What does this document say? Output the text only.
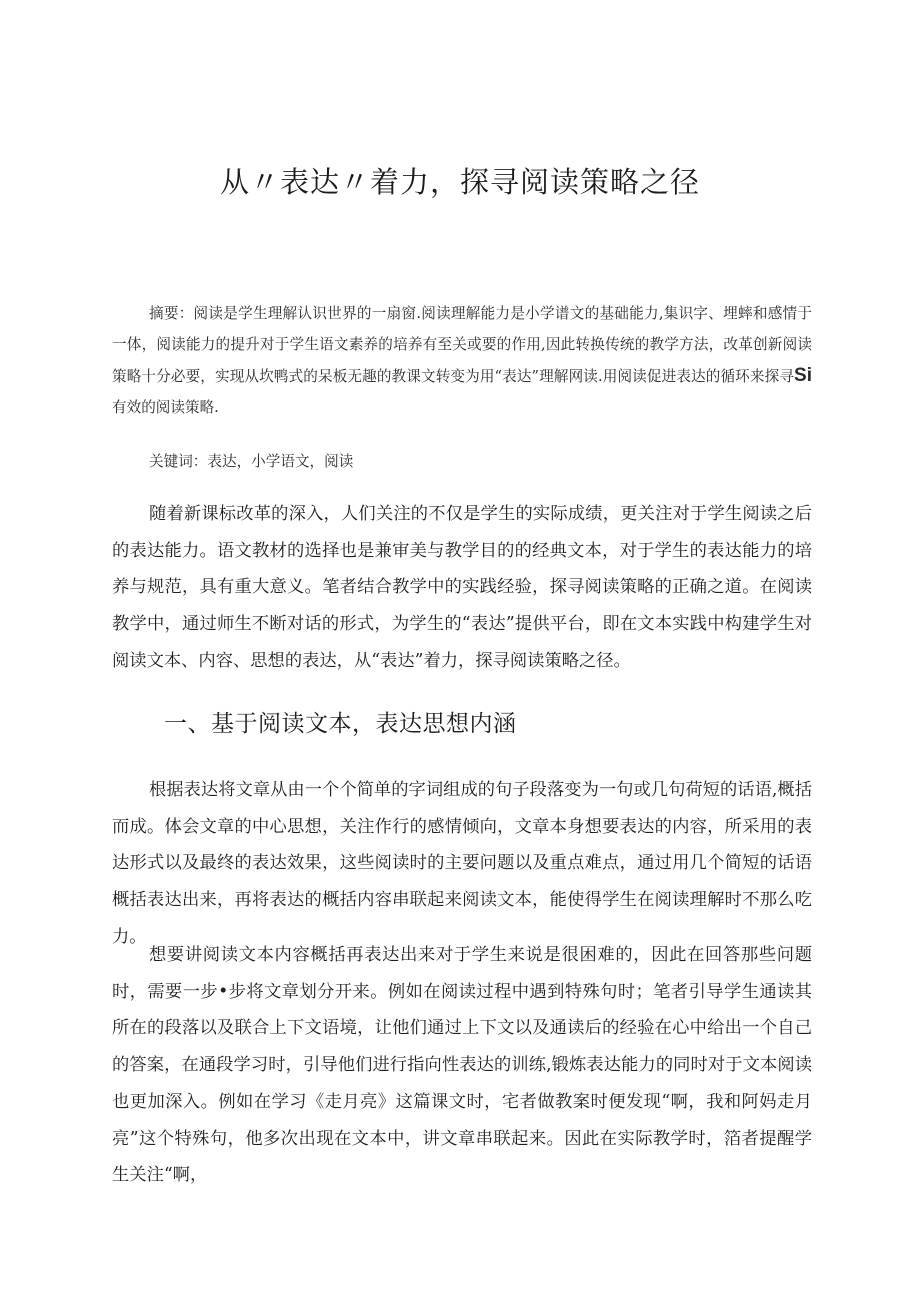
从〃表达〃着力，探寻阅读策略之径
摘要：阅读是学生理解认识世界的一扇窗.阅读理解能力是小学谱文的基础能力,集识字、埋蟀和感情于一体，阅读能力的提升对于学生语文素养的培养有至关或要的作用,因此转换传统的教学方法，改革创新阅读策略十分必要，实现从坎鸭式的呆板无趣的教课文转变为用“表达”理解网读.用阅读促进表达的循环来探寻Si有效的阅读策略.
关键词：表达，小学语文，阅读
随着新课标改革的深入，人们关注的不仅是学生的实际成绩，更关注对于学生阅读之后的表达能力。语文教材的选择也是兼审美与教学目的的经典文本，对于学生的表达能力的培养与规范，具有重大意义。笔者结合教学中的实践经验，探寻阅读策略的正确之道。在阅读教学中，通过师生不断对话的形式，为学生的“表达”提供平台，即在文本实践中构建学生对阅读文本、内容、思想的表达，从“表达”着力，探寻阅读策略之径。
一、基于阅读文本，表达思想内涵
根据表达将文章从由一个个简单的字词组成的句子段落变为一句或几句荷短的话语,概括而成。体会文章的中心思想，关注作行的感情倾向，文章本身想要表达的内容，所采用的表达形式以及最终的表达效果，这些阅读时的主要问题以及重点难点，通过用几个简短的话语概括表达出来，再将表达的概括内容串联起来阅读文本，能使得学生在阅读理解时不那么吃力。
想要讲阅读文本内容概括再表达出来对于学生来说是很困难的，因此在回答那些问题时，需要一步•步将文章划分开来。例如在阅读过程中遇到特殊句时；笔者引导学生通读其所在的段落以及联合上下文语境，让他们通过上下文以及通读后的经验在心中给出一个自己的答案，在通段学习时，引导他们进行指向性表达的训练,锻炼表达能力的同时对于文本阅读也更加深入。例如在学习《走月亮》这篇课文时，宅者做教案时便发现“啊，我和阿妈走月亮”这个特殊句，他多次出现在文本中，讲文章串联起来。因此在实际教学时，箔者提醒学生关注“啊，
